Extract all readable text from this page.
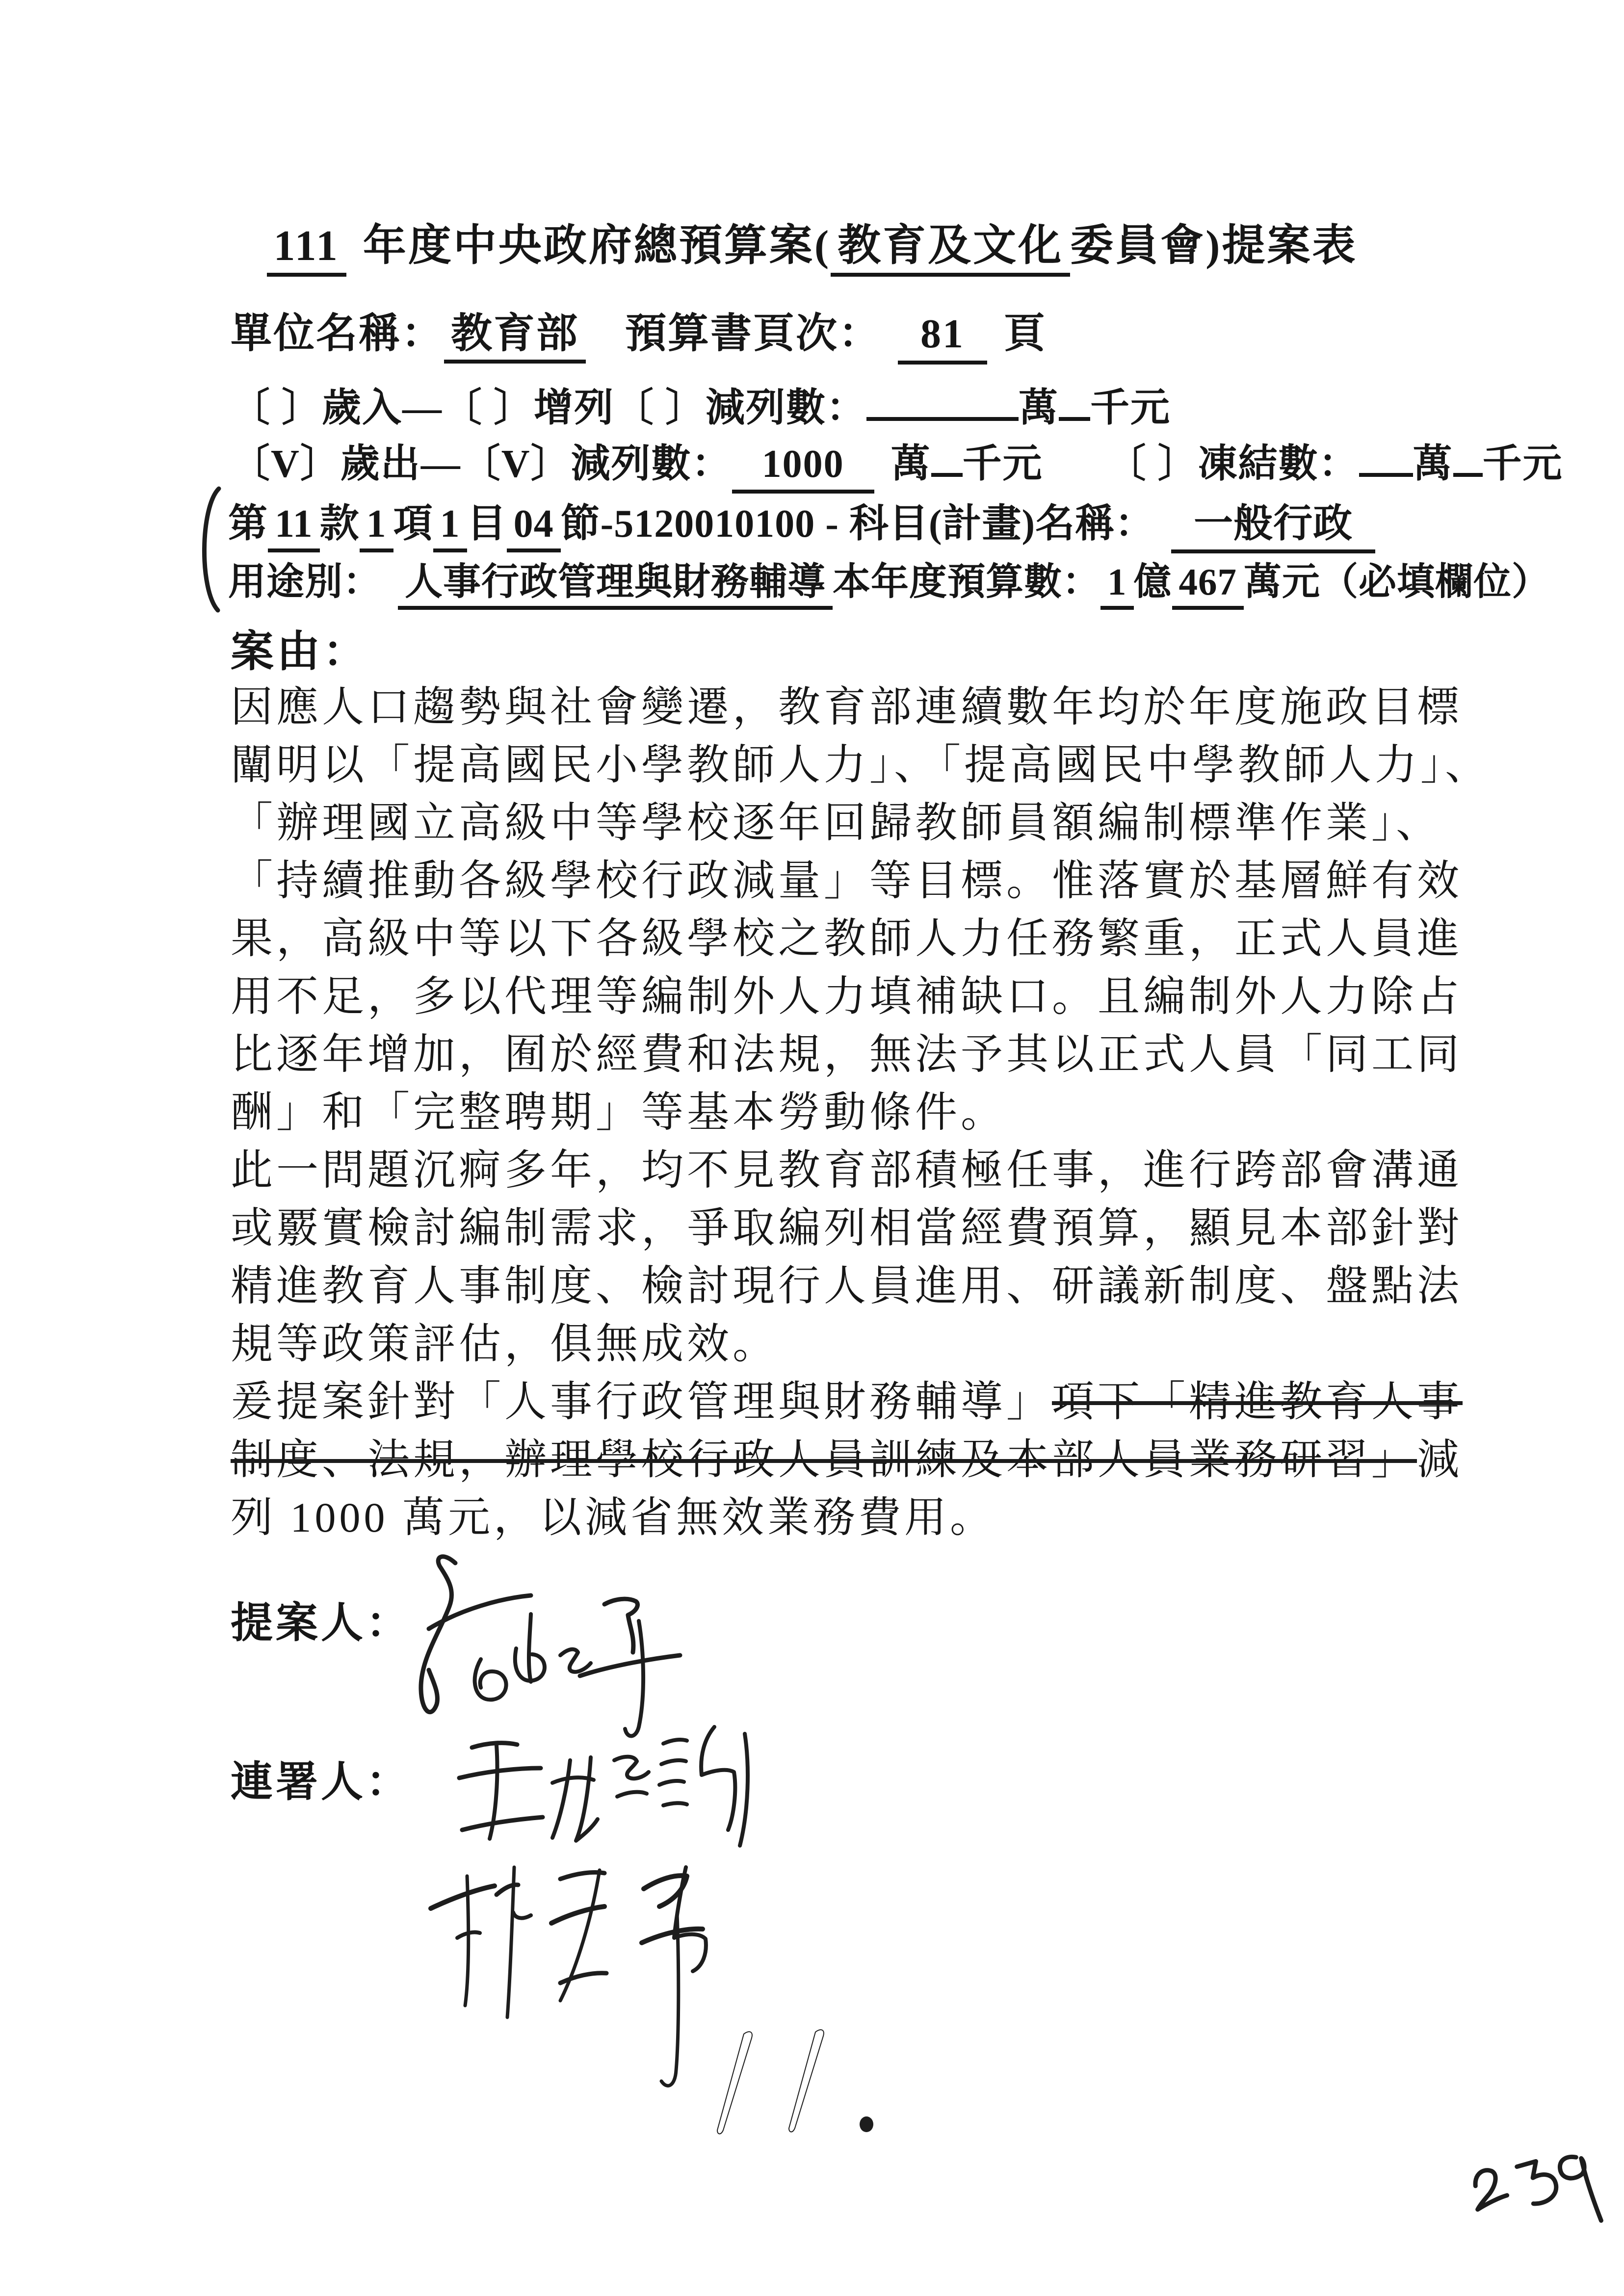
111 年度中央政府總預算案( 教育及文化 委員會)提案表
單位名稱： 教育部 預算書頁次： 81 頁
〔 〕歲入—〔 〕增列〔 〕減列數：	萬 千元
〔V〕歲出—〔V〕減列數： 1000 萬 千元 〔 〕凍結數： 萬 千元
第 11 款 1 項 1 目 04 節-5120010100 - 科目(計畫)名稱： 一般行政
用途別： 人事行政管理與財務輔導 本年度預算數： 1 億 467 萬元（必填欄位）
案由：
因應人口趨勢與社會變遷，教育部連續數年均於年度施政目標
闡明以「提高國民小學教師人力」、「提高國民中學教師人力」、
「辦理國立高級中等學校逐年回歸教師員額編制標準作業」、
「持續推動各級學校行政減量」等目標。惟落實於基層鮮有效
果，高級中等以下各級學校之教師人力任務繁重，正式人員進
用不足，多以代理等編制外人力填補缺口。且編制外人力除占
比逐年增加，囿於經費和法規，無法予其以正式人員「同工同
酬」和「完整聘期」等基本勞動條件。
此一問題沉痾多年，均不見教育部積極任事，進行跨部會溝通
或覈實檢討編制需求，爭取編列相當經費預算，顯見本部針對
精進教育人事制度、檢討現行人員進用、研議新制度、盤點法
規等政策評估，俱無成效。
爰提案針對「人事行政管理與財務輔導」項下「精進教育人事
制度、法規，辦理學校行政人員訓練及本部人員業務研習」減
列 1000 萬元，以減省無效業務費用。
提案人：
連署人：
